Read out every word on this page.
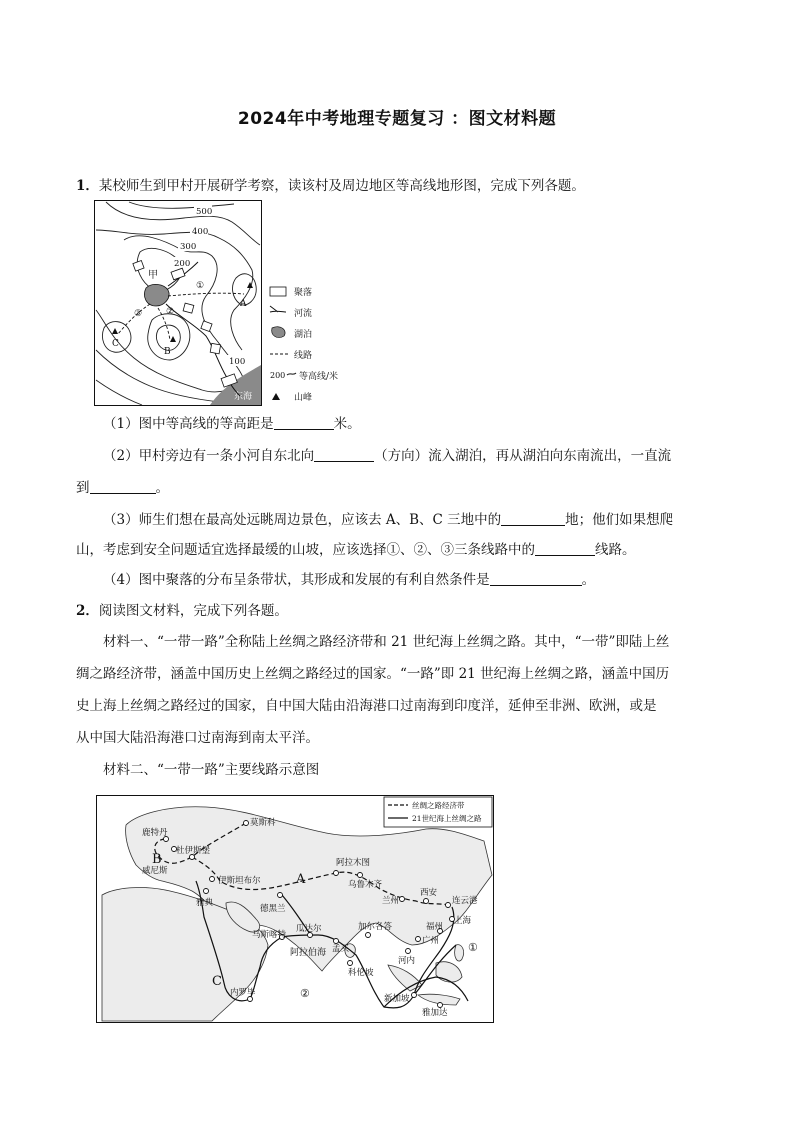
2024年中考地理专题复习 ：图文材料题
1．某校师生到甲村开展研学考察，读该村及周边地区等高线地形图，完成下列各题。
500
400
300
200
100
东海
①
②
③
甲
A
B
C
聚落
河流
湖泊
线路
200 等高线/米
山峰
（1）图中等高线的等高距是	米。
（2）甲村旁边有一条小河自东北向	（方向）流入湖泊，再从湖泊向东南流出，一直流
到	。
（3）师生们想在最高处远眺周边景色，应该去 A、B、C 三地中的	地；他们如果想爬
山，考虑到安全问题适宜选择最缓的山坡，应该选择①、②、③三条线路中的	线路。
（4）图中聚落的分布呈条带状，其形成和发展的有利自然条件是	。
2．阅读图文材料，完成下列各题。
材料一、“一带一路”全称陆上丝绸之路经济带和 21 世纪海上丝绸之路。其中，“一带”即陆上丝
绸之路经济带，涵盖中国历史上丝绸之路经过的国家。“一路”即 21 世纪海上丝绸之路，涵盖中国历
史上海上丝绸之路经过的国家，自中国大陆由沿海港口过南海到印度洋，延伸至非洲、欧洲，或是
从中国大陆沿海港口过南海到南太平洋。
材料二、“一带一路”主要线路示意图
莫斯科
鹿特丹
杜伊斯堡
威尼斯
伊斯坦布尔
雅典
德黑兰
阿拉木图
乌鲁木齐
兰州
西安
连云港
上海
福州
广州
河内
马斯喀特
瓜达尔	加尔各答
孟买
科伦坡
内罗毕
新加坡
雅加达
A
B
C
阿拉伯海	①
②
丝绸之路经济带
21世纪海上丝绸之路
